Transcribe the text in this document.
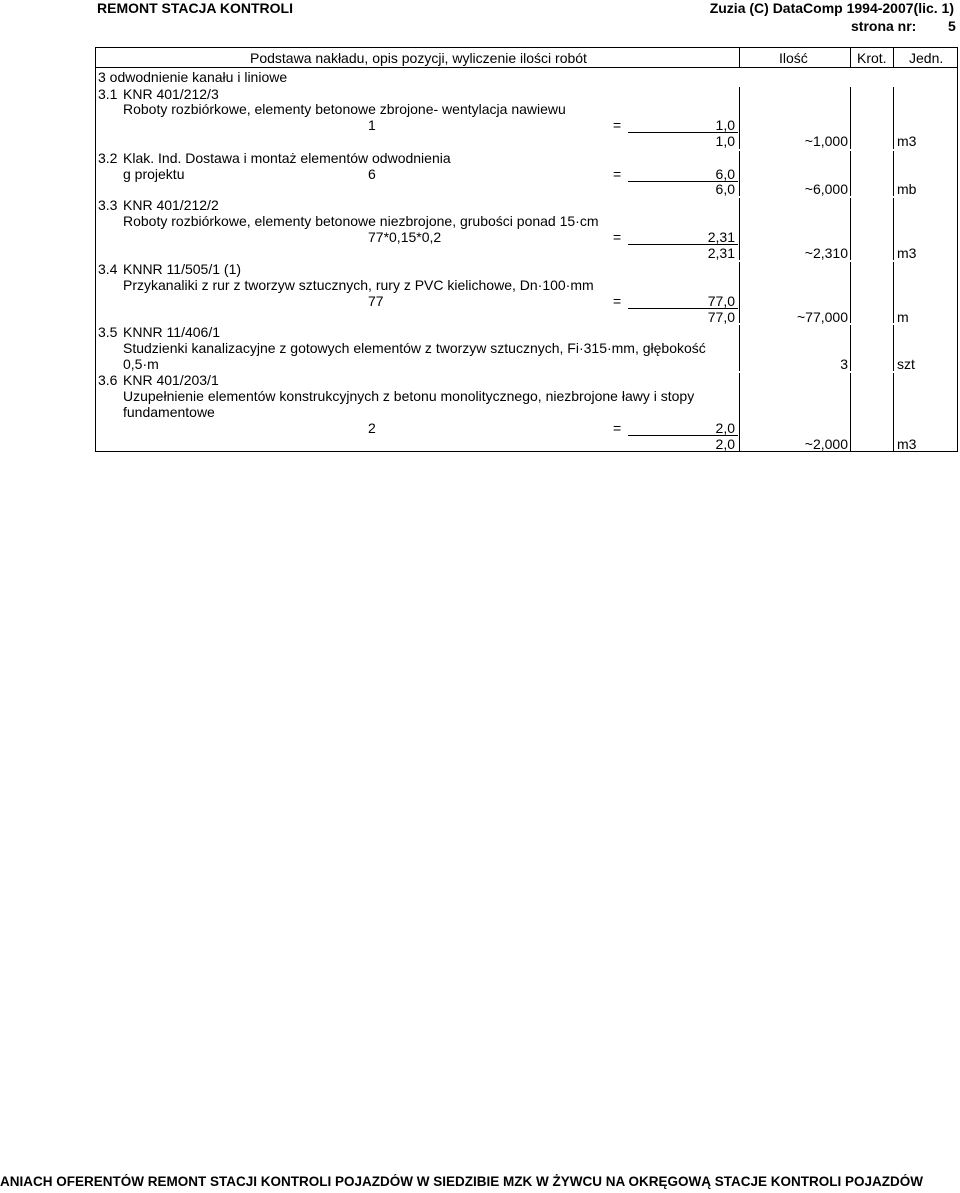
REMONT STACJA KONTROLI	Zuzia (C) DataComp 1994-2007(lic. 1)
strona nr: 5
Podstawa nakładu, opis pozycji, wyliczenie ilości robót	Ilość	Krot. Jedn.
3 odwodnienie kanału i liniowe
3.1 KNR 401/212/3
Roboty rozbiórkowe, elementy betonowe zbrojone- wentylacja nawiewu
1	=	1,0
1,0	~1,000	m3
3.2 Klak. Ind. Dostawa i montaż elementów odwodnienia
g projektu	6	=	6,0
6,0	~6,000	mb
3.3 KNR 401/212/2
Roboty rozbiórkowe, elementy betonowe niezbrojone, grubości ponad 15·cm
77*0,15*0,2	=	2,31
2,31	~2,310	m3
3.4 KNNR 11/505/1 (1)
Przykanaliki z rur z tworzyw sztucznych, rury z PVC kielichowe, Dn·100·mm
77	=	77,0
77,0	~77,000	m
3.5 KNNR 11/406/1
Studzienki kanalizacyjne z gotowych elementów z tworzyw sztucznych, Fi·315·mm, głębokość
0,5·m	3	szt
3.6 KNR 401/203/1
Uzupełnienie elementów konstrukcyjnych z betonu monolitycznego, niezbrojone ławy i stopy
fundamentowe
2	=	2,0
2,0	~2,000	m3
ANIACH OFERENTÓW REMONT STACJI KONTROLI POJAZDÓW W SIEDZIBIE MZK W ŻYWCU NA OKRĘGOWĄ STACJE KONTROLI POJAZDÓW
